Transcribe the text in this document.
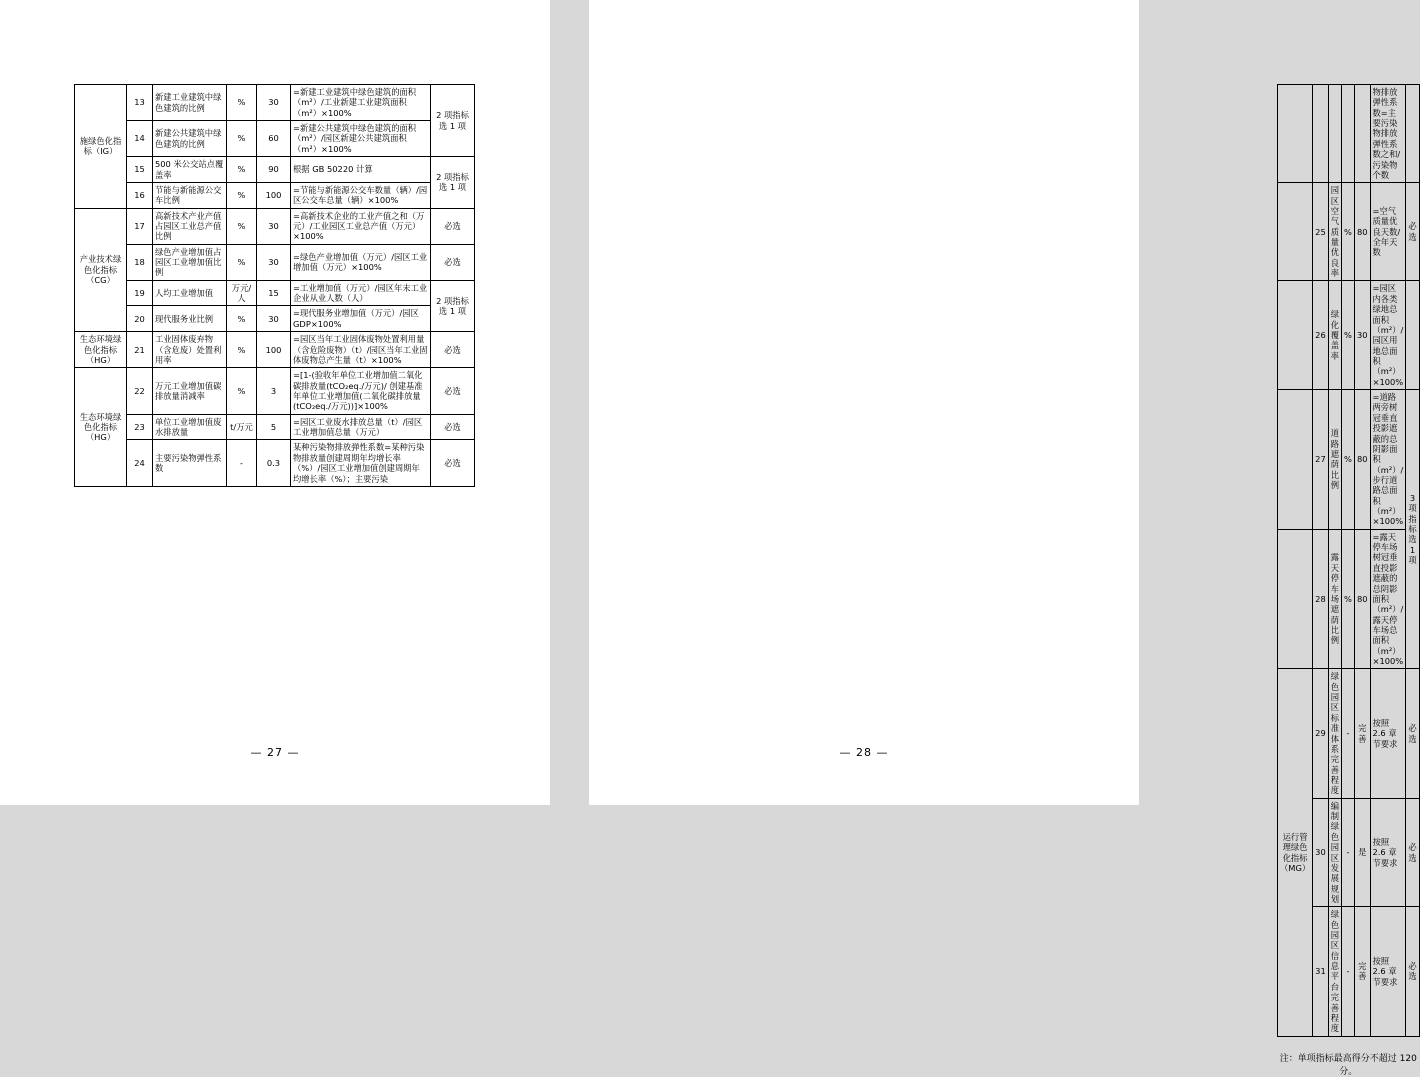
施绿色化指标（IG）	13	新建工业建筑中绿色建筑的比例	%	30	=新建工业建筑中绿色建筑的面积（m²）/工业新建工业建筑面积（m²）×100%	2 项指标选 1 项
	14	新建公共建筑中绿色建筑的比例	%	60	=新建公共建筑中绿色建筑的面积（m²）/园区新建公共建筑面积（m²）×100%	
	15	500 米公交站点覆盖率	%	90	根据 GB 50220 计算	2 项指标选 1 项
	16	节能与新能源公交车比例	%	100	=节能与新能源公交车数量（辆）/园区公交车总量（辆）×100%	
产业技术绿色化指标（CG）	17	高新技术产业产值占园区工业总产值比例	%	30	=高新技术企业的工业产值之和（万元）/工业园区工业总产值（万元）×100%	必选
	18	绿色产业增加值占园区工业增加值比例	%	30	=绿色产业增加值（万元）/园区工业增加值（万元）×100%	必选
	19	人均工业增加值	万元/人	15	=工业增加值（万元）/园区年末工业企业从业人数（人）	2 项指标选 1 项
	20	现代服务业比例	%	30	=现代服务业增加值（万元）/园区 GDP×100%	
生态环境绿色化指标（HG）	21	工业固体废弃物（含危废）处置利用率	%	100	=园区当年工业固体废物处置利用量（含危险废物）（t）/园区当年工业固体废物总产生量（t）×100%	必选
生态环境绿色化指标（HG）	22	万元工业增加值碳排放量消减率	%	3	=[1-(验收年单位工业增加值二氧化碳排放量(tCO₂eq./万元)/ 创建基准年单位工业增加值(二氧化碳排放量(tCO₂eq./万元))]×100%	必选
	23	单位工业增加值废水排放量	t/万元	5	=园区工业废水排放总量（t）/园区工业增加值总量（万元）	必选
	24	主要污染物弹性系数	-	0.3	某种污染物排放弹性系数=某种污染物排放量创建周期年均增长率（%）/园区工业增加值创建周期年均增长率（%）；主要污染	必选
— 27 —
					物排放弹性系数=主要污染物排放弹性系数之和/污染物个数	
	25	园区空气质量优良率	%	80	=空气质量优良天数/全年天数	必选
	26	绿化覆盖率	%	30	=园区内各类绿地总面积（m²）/园区用地总面积（m²）×100%	
	27	道路遮荫比例	%	80	=道路两旁树冠垂直投影遮蔽的总阴影面积（m²）/步行道路总面积（m²）×100%	3 项指标选 1 项
	28	露天停车场遮荫比例	%	80	=露天停车场树冠垂直投影遮蔽的总阴影面积（m²）/露天停车场总面积（m²）×100%	
运行管理绿色化指标（MG）	29	绿色园区标准体系完善程度	-	完善	按照 2.6 章节要求	必选
	30	编制绿色园区发展规划	-	是	按照 2.6 章节要求	必选
	31	绿色园区信息平台完善程度	-	完善	按照 2.6 章节要求	必选
注：单项指标最高得分不超过 120 分。
— 28 —
